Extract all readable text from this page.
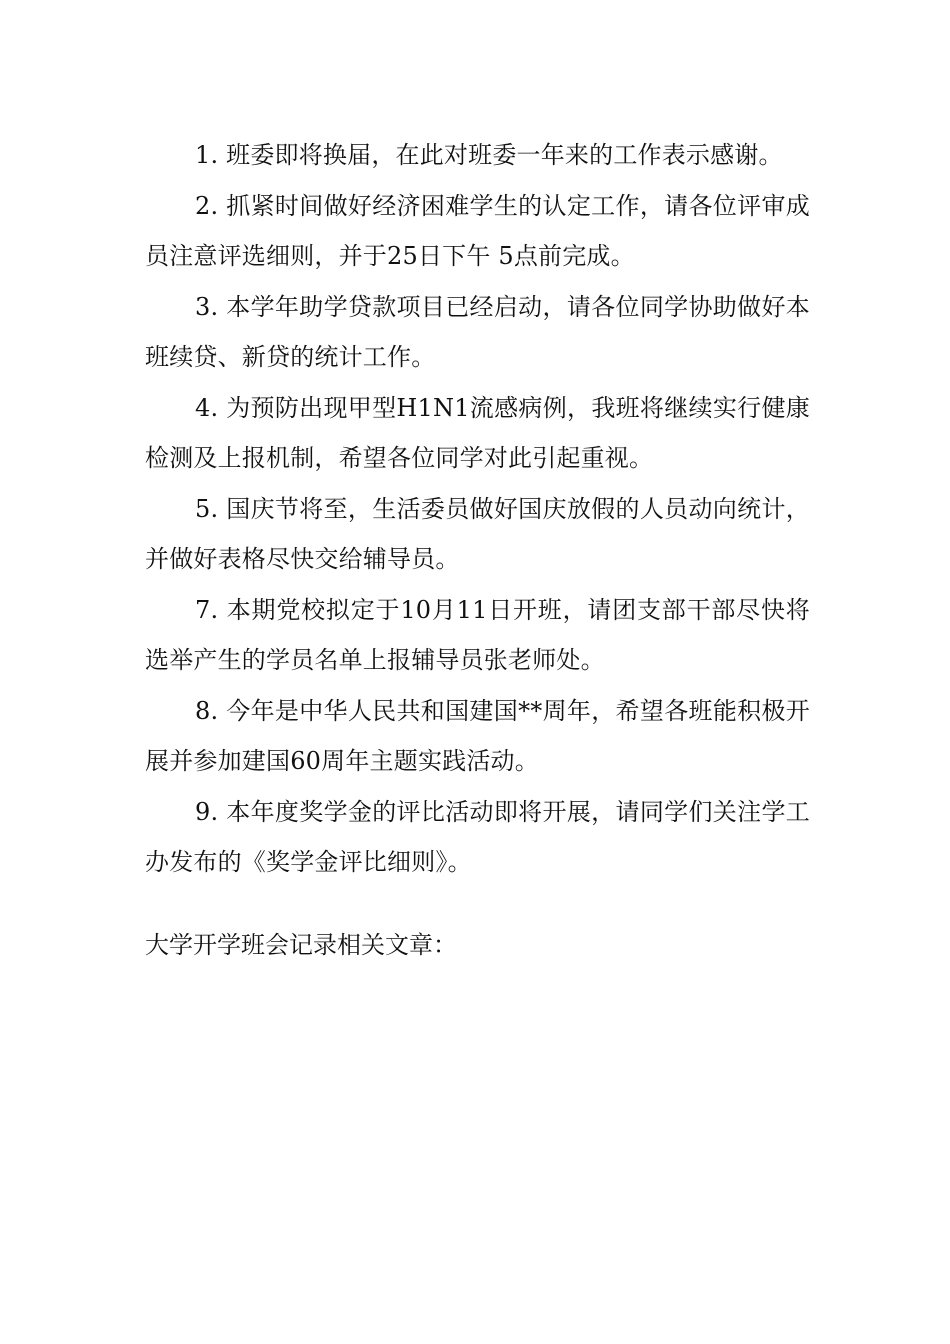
1. 班委即将换届，在此对班委一年来的工作表示感谢。

2. 抓紧时间做好经济困难学生的认定工作，请各位评审成员注意评选细则，并于25日下午 5点前完成。

3. 本学年助学贷款项目已经启动，请各位同学协助做好本班续贷、新贷的统计工作。

4. 为预防出现甲型H1N1流感病例，我班将继续实行健康检测及上报机制，希望各位同学对此引起重视。

5. 国庆节将至，生活委员做好国庆放假的人员动向统计，并做好表格尽快交给辅导员。

7. 本期党校拟定于10月11日开班，请团支部干部尽快将选举产生的学员名单上报辅导员张老师处。

8. 今年是中华人民共和国建国**周年，希望各班能积极开展并参加建国60周年主题实践活动。

9. 本年度奖学金的评比活动即将开展，请同学们关注学工办发布的《奖学金评比细则》。

大学开学班会记录相关文章：
